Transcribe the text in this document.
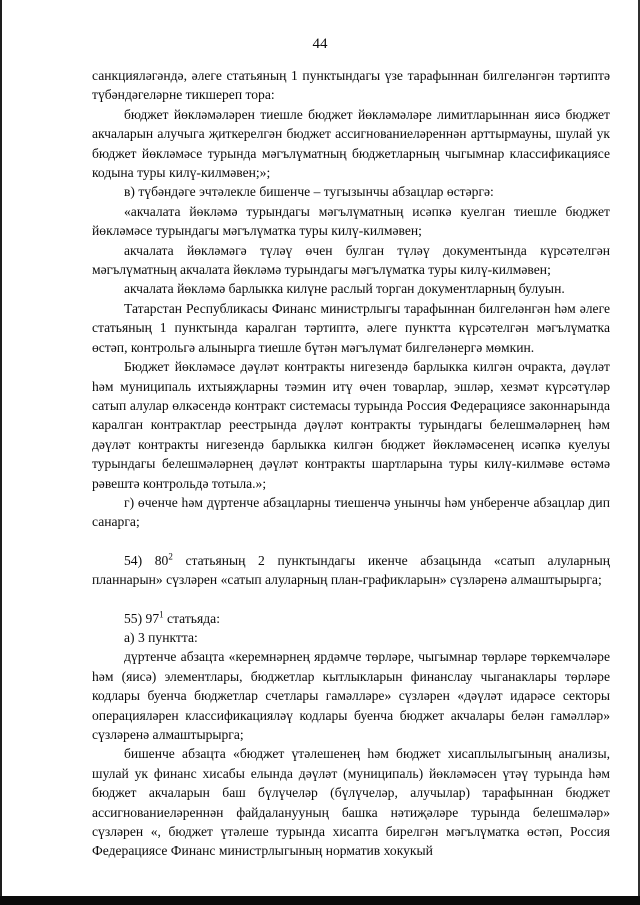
44

санкцияләгәндә, әлеге статьяның 1 пунктындагы үзе тарафыннан билгеләнгән тәртиптә түбәндәгеләрне тикшереп тора:

бюджет йөкләмәләрен тиешле бюджет йөкләмәләре лимитларыннан яисә бюджет акчаларын алучыга җиткерелгән бюджет ассигнованиеләреннән арттырмауны, шулай ук бюджет йөкләмәсе турында мәгълүматның бюджетларның чыгымнар классификациясе кодына туры килү-килмәвен;»;

в) түбәндәге эчтәлекле бишенче – тугызынчы абзацлар өстәргә:

«акчалата йөкләмә турындагы мәгълүматның исәпкә куелган тиешле бюджет йөкләмәсе турындагы мәгълүматка туры килү-килмәвен;

акчалата йөкләмәгә түләү өчен булган түләү документында күрсәтелгән мәгълүматның акчалата йөкләмә турындагы мәгълүматка туры килү-килмәвен;

акчалата йөкләмә барлыкка килүне раслый торган документларның булуын.

Татарстан Республикасы Финанс министрлыгы тарафыннан билгеләнгән һәм әлеге статьяның 1 пунктында каралган тәртиптә, әлеге пунктта күрсәтелгән мәгълүматка өстәп, контрольгә алынырга тиешле бүтән мәгълүмат билгеләнергә мөмкин.

Бюджет йөкләмәсе дәүләт контракты нигезендә барлыкка килгән очракта, дәүләт һәм муниципаль ихтыяҗларны тәэмин итү өчен товарлар, эшләр, хезмәт күрсәтүләр сатып алулар өлкәсендә контракт системасы турында Россия Федерациясе законнарында каралган контрактлар реестрында дәүләт контракты турындагы белешмәләрнең һәм дәүләт контракты нигезендә барлыкка килгән бюджет йөкләмәсенең исәпкә куелуы турындагы белешмәләрнең дәүләт контракты шартларына туры килү-килмәве өстәмә рәвештә контрольдә тотыла.»;

г) өченче һәм дүртенче абзацларны тиешенчә унынчы һәм унберенче абзацлар дип санарга;

54) $80^2$ статьяның 2 пунктындагы икенче абзацында «сатып алуларның планнарын» сүзләрен «сатып алуларның план-графикларын» сүзләренә алмаштырырга;

55) $97^1$ статьяда:

а) 3 пунктта:

дүртенче абзацта «керемнәрнең ярдәмче төрләре, чыгымнар төрләре төркемчәләре һәм (яисә) элементлары, бюджетлар кытлыкларын финанслау чыганаклары төрләре кодлары буенча бюджетлар счетлары гамәлләре» сүзләрен «дәүләт идарәсе секторы операцияләрен классификацияләү кодлары буенча бюджет акчалары белән гамәлләр» сүзләренә алмаштырырга;

бишенче абзацта «бюджет үтәлешенең һәм бюджет хисаплылыгының анализы, шулай ук финанс хисабы елында дәүләт (муниципаль) йөкләмәсен үтәү турында һәм бюджет акчаларын баш бүлүчеләр (бүлүчеләр, алучылар) тарафыннан бюджет ассигнованиеләреннән файдаланууның башка нәтиҗәләре турында белешмәләр» сүзләрен «, бюджет үтәлеше турында хисапта бирелгән мәгълүматка өстәп, Россия Федерациясе Финанс министрлыгының норматив хокукый
